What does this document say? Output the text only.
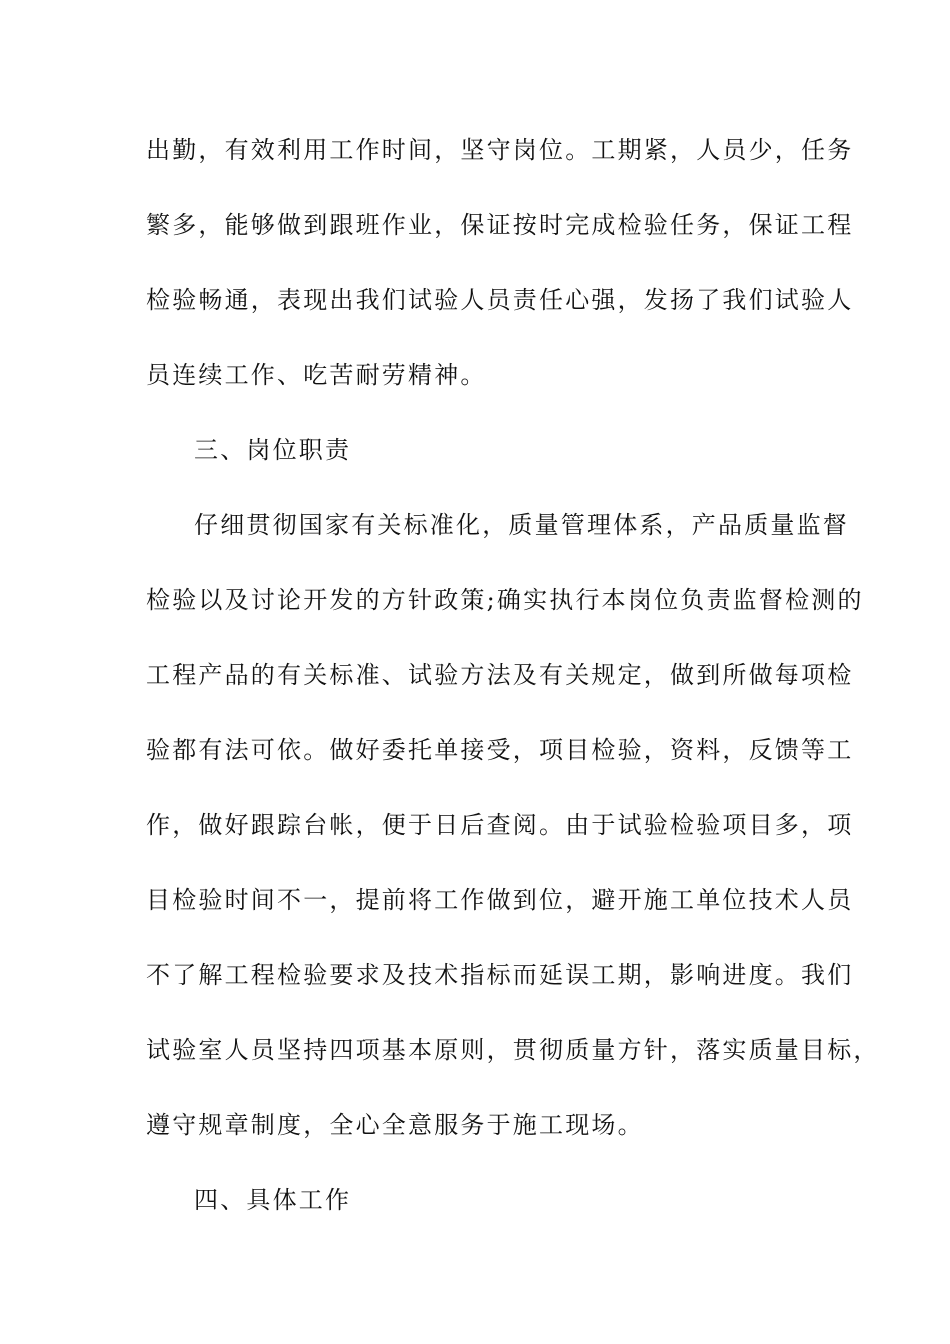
出勤，有效利用工作时间，坚守岗位。工期紧，人员少，任务
繁多，能够做到跟班作业，保证按时完成检验任务，保证工程
检验畅通，表现出我们试验人员责任心强，发扬了我们试验人
员连续工作、吃苦耐劳精神。
三、岗位职责
仔细贯彻国家有关标准化，质量管理体系，产品质量监督
检验以及讨论开发的方针政策;确实执行本岗位负责监督检测的
工程产品的有关标准、试验方法及有关规定，做到所做每项检
验都有法可依。做好委托单接受，项目检验，资料，反馈等工
作，做好跟踪台帐，便于日后查阅。由于试验检验项目多，项
目检验时间不一，提前将工作做到位，避开施工单位技术人员
不了解工程检验要求及技术指标而延误工期，影响进度。我们
试验室人员坚持四项基本原则，贯彻质量方针，落实质量目标，
遵守规章制度，全心全意服务于施工现场。
四、具体工作
